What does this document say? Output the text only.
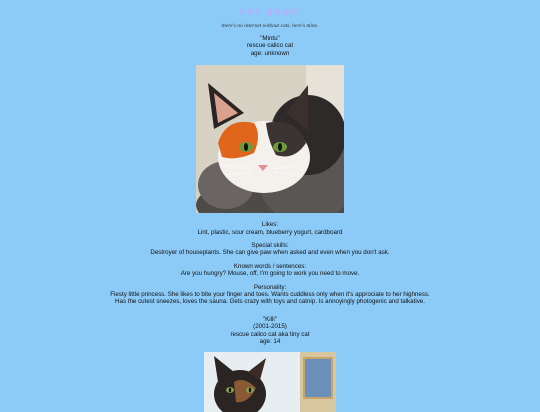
cat page
there's no internet without cats. here's mine.

"Mintu"

rescue calico cat

age: unknown

Likes:

Lint, plastic, sour cream, blueberry yogurt, cardboard

Special skills:

Destroyer of houseplants. She can give paw when asked and even when you don't ask.

Known words / sentences:

Are you hungry? Mouse, off, I'm going to work you need to move.

Personality:

Fiesty little princess. She likes to bite your finger and toes. Wants cuddless only when it's approciate to her highness.

Has the cutest sneezes, loves the sauna. Gets crazy with toys and catnip. Is annoyingly photogenic and talkative.

"Killi"

(2001-2015)

rescue calico cat aka tiny cat

age: 14
